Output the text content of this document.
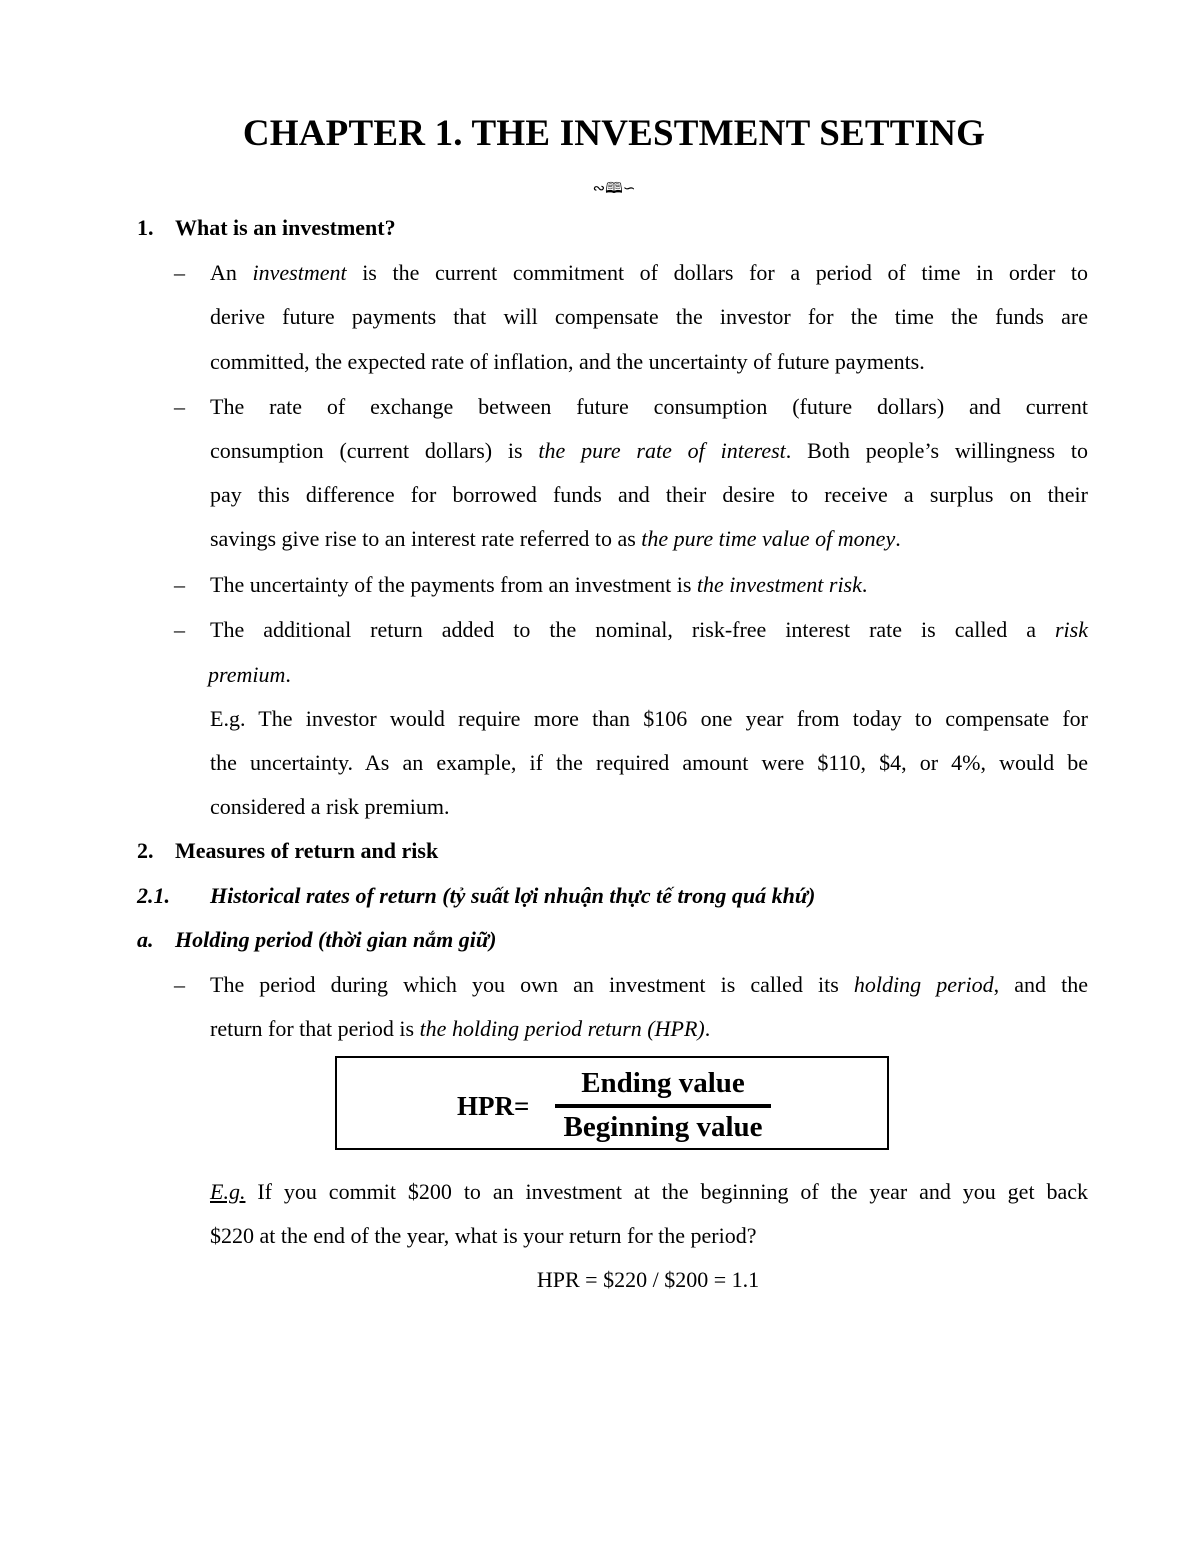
CHAPTER 1. THE INVESTMENT SETTING
∾🕮∽
1. What is an investment?
– An investment is the current commitment of dollars for a period of time in order to
derive future payments that will compensate the investor for the time the funds are
committed, the expected rate of inflation, and the uncertainty of future payments.
– The rate of exchange between future consumption (future dollars) and current
consumption (current dollars) is the pure rate of interest. Both people’s willingness to
pay this difference for borrowed funds and their desire to receive a surplus on their
savings give rise to an interest rate referred to as the pure time value of money.
– The uncertainty of the payments from an investment is the investment risk.
– The additional return added to the nominal, risk-free interest rate is called a risk
premium.
E.g. The investor would require more than $106 one year from today to compensate for
the uncertainty. As an example, if the required amount were $110, $4, or 4%, would be
considered a risk premium.
2. Measures of return and risk
2.1. Historical rates of return (tỷ suất lợi nhuận thực tế trong quá khứ)
a. Holding period (thời gian nắm giữ)
– The period during which you own an investment is called its holding period, and the
return for that period is the holding period return (HPR).
HPR=
Ending value
Beginning value
E.g. If you commit $200 to an investment at the beginning of the year and you get back
$220 at the end of the year, what is your return for the period?
HPR = $220 / $200 = 1.1
